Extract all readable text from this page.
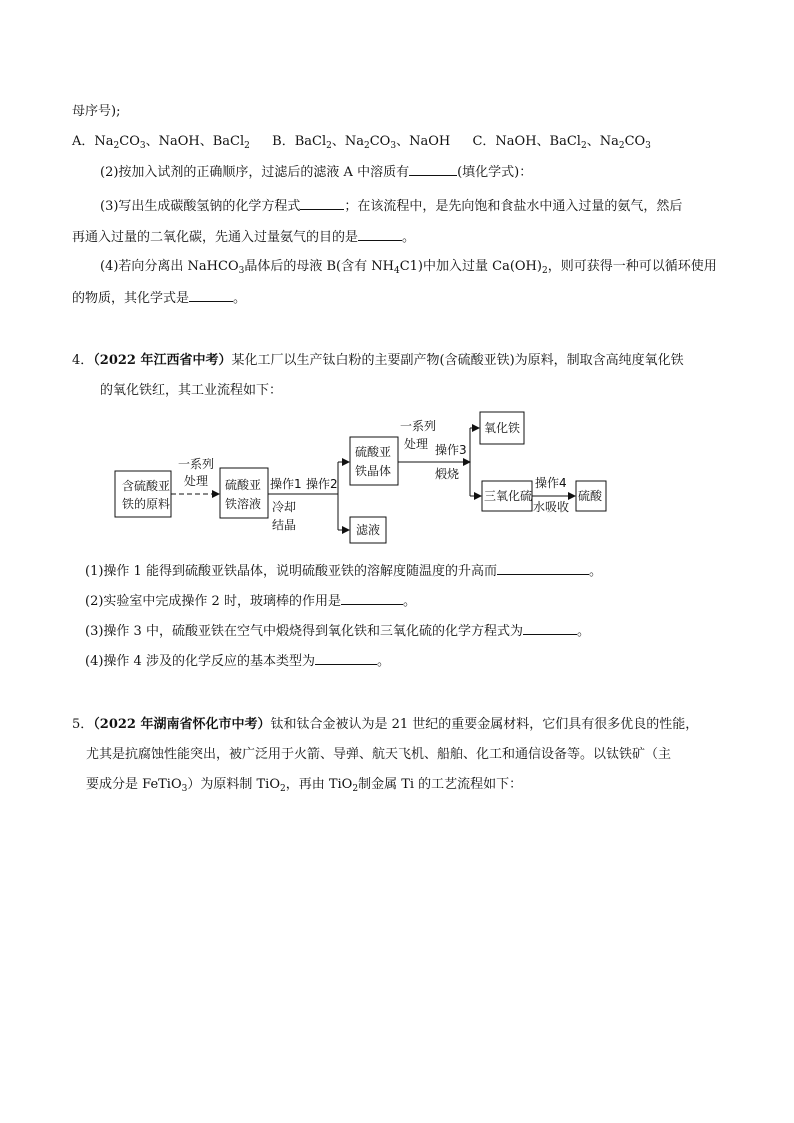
母序号);
A．$Na_2CO_3$、NaOH、BaCl$_2$ B．BaCl$_2$、$Na_2CO_3$、NaOH C．NaOH、BaCl$_2$、$Na_2CO_3$
(2)按加入试剂的正确顺序，过滤后的滤液 A 中溶质有	(填化学式)：
(3)写出生成碳酸氢钠的化学方程式	；在该流程中，是先向饱和食盐水中通入过量的氨气，然后
再通入过量的二氧化碳，先通入过量氨气的目的是	。
(4)若向分离出 NaHCO$_3$晶体后的母液 B(含有 $NH_4C1$)中加入过量 $Ca(OH)_2$，则可获得一种可以循环使用
的物质，其化学式是	。
4．（2022 年江西省中考）某化工厂以生产钛白粉的主要副产物(含硫酸亚铁)为原料，制取含高纯度氧化铁
的氧化铁红，其工业流程如下：
含硫酸亚
铁的原料
一系列
处理 硫酸亚
铁溶液
操作1
冷却
结晶
操作2
硫酸亚
铁晶体
一系列
处理 操作3
煅烧
氧化铁
三氧化硫
操作4
水吸收
硫酸
滤液
(1)操作 1 能得到硫酸亚铁晶体，说明硫酸亚铁的溶解度随温度的升高而	。
(2)实验室中完成操作 2 时，玻璃棒的作用是	。
(3)操作 3 中，硫酸亚铁在空气中煅烧得到氧化铁和三氧化硫的化学方程式为	。
(4)操作 4 涉及的化学反应的基本类型为	。
5．（2022 年湖南省怀化市中考）钛和钛合金被认为是 21 世纪的重要金属材料，它们具有很多优良的性能，
尤其是抗腐蚀性能突出，被广泛用于火箭、导弹、航天飞机、船舶、化工和通信设备等。以钛铁矿（主
要成分是 FeTiO$_3$）为原料制 TiO$_2$，再由 TiO$_2$制金属 Ti 的工艺流程如下：
